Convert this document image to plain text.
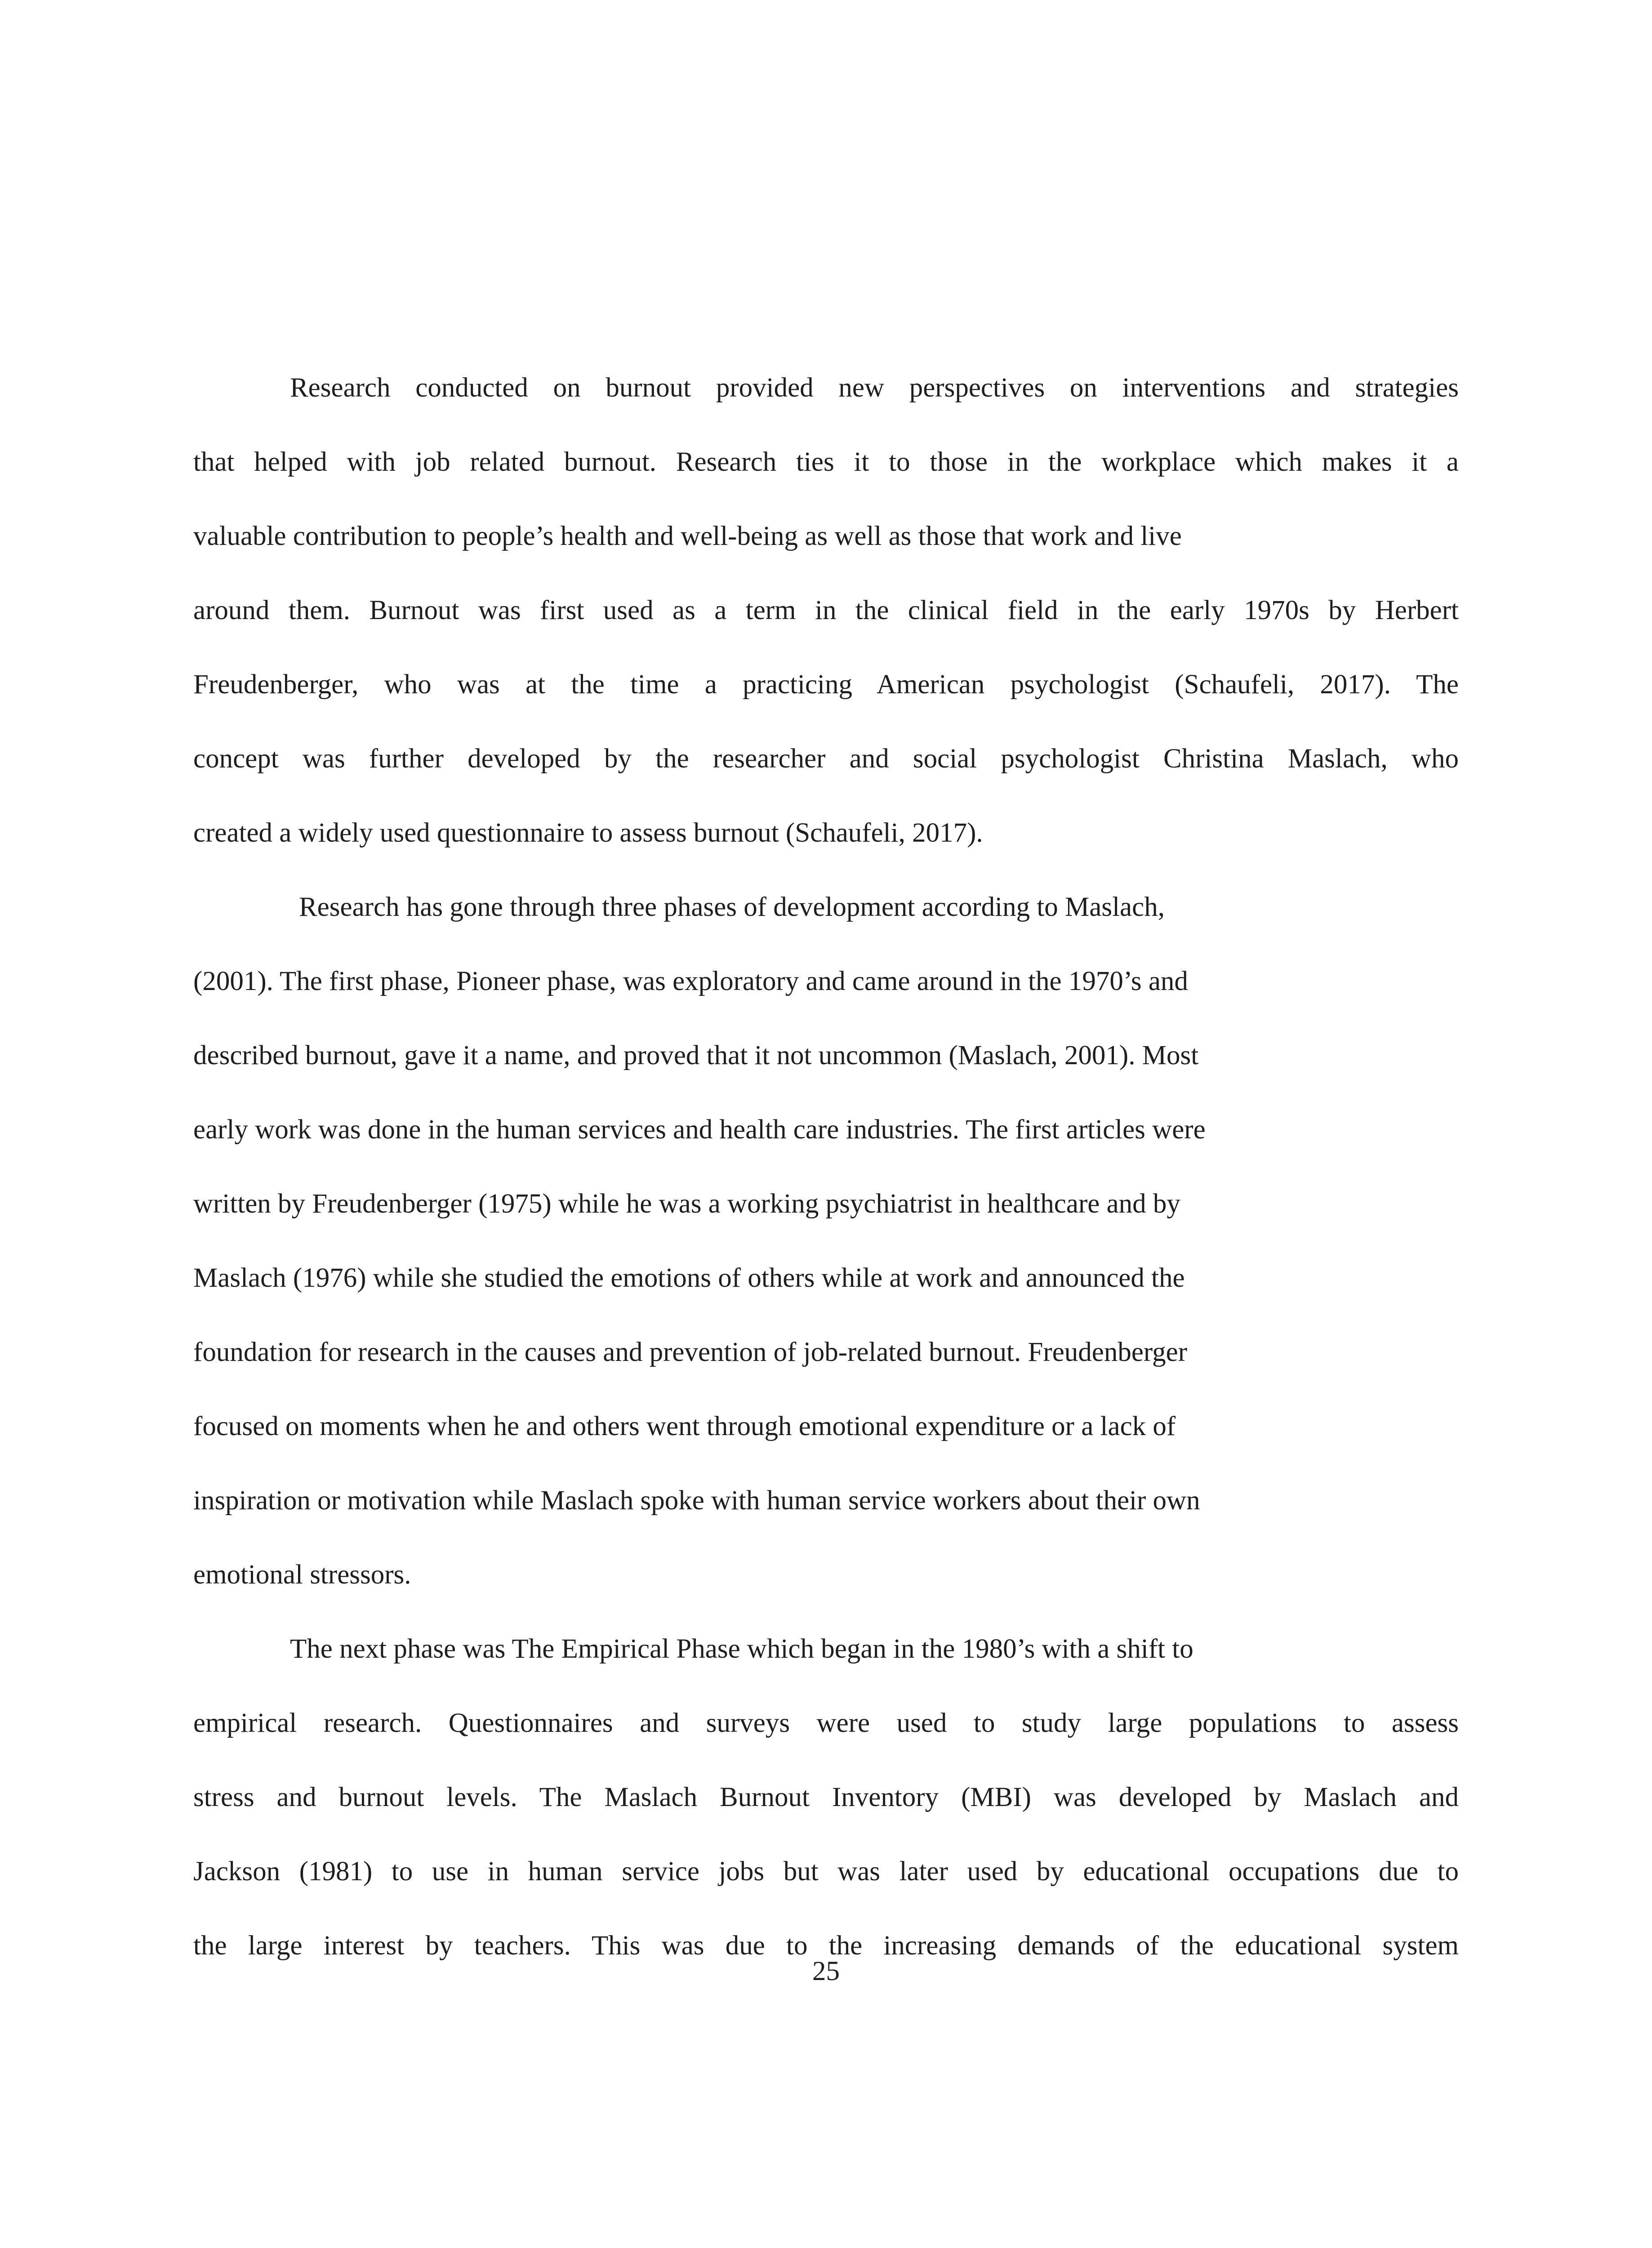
Research conducted on burnout provided new perspectives on interventions and strategies
that helped with job related burnout. Research ties it to those in the workplace which makes it a
valuable contribution to people’s health and well-being as well as those that work and live
around them. Burnout was first used as a term in the clinical field in the early 1970s by Herbert
Freudenberger, who was at the time a practicing American psychologist (Schaufeli, 2017). The
concept was further developed by the researcher and social psychologist Christina Maslach, who
created a widely used questionnaire to assess burnout (Schaufeli, 2017).
Research has gone through three phases of development according to Maslach,
(2001). The first phase, Pioneer phase, was exploratory and came around in the 1970’s and
described burnout, gave it a name, and proved that it not uncommon (Maslach, 2001). Most
early work was done in the human services and health care industries. The first articles were
written by Freudenberger (1975) while he was a working psychiatrist in healthcare and by
Maslach (1976) while she studied the emotions of others while at work and announced the
foundation for research in the causes and prevention of job-related burnout. Freudenberger
focused on moments when he and others went through emotional expenditure or a lack of
inspiration or motivation while Maslach spoke with human service workers about their own
emotional stressors.
The next phase was The Empirical Phase which began in the 1980’s with a shift to
empirical research. Questionnaires and surveys were used to study large populations to assess
stress and burnout levels. The Maslach Burnout Inventory (MBI) was developed by Maslach and
Jackson (1981) to use in human service jobs but was later used by educational occupations due to
the large interest by teachers. This was due to the increasing demands of the educational system
25
